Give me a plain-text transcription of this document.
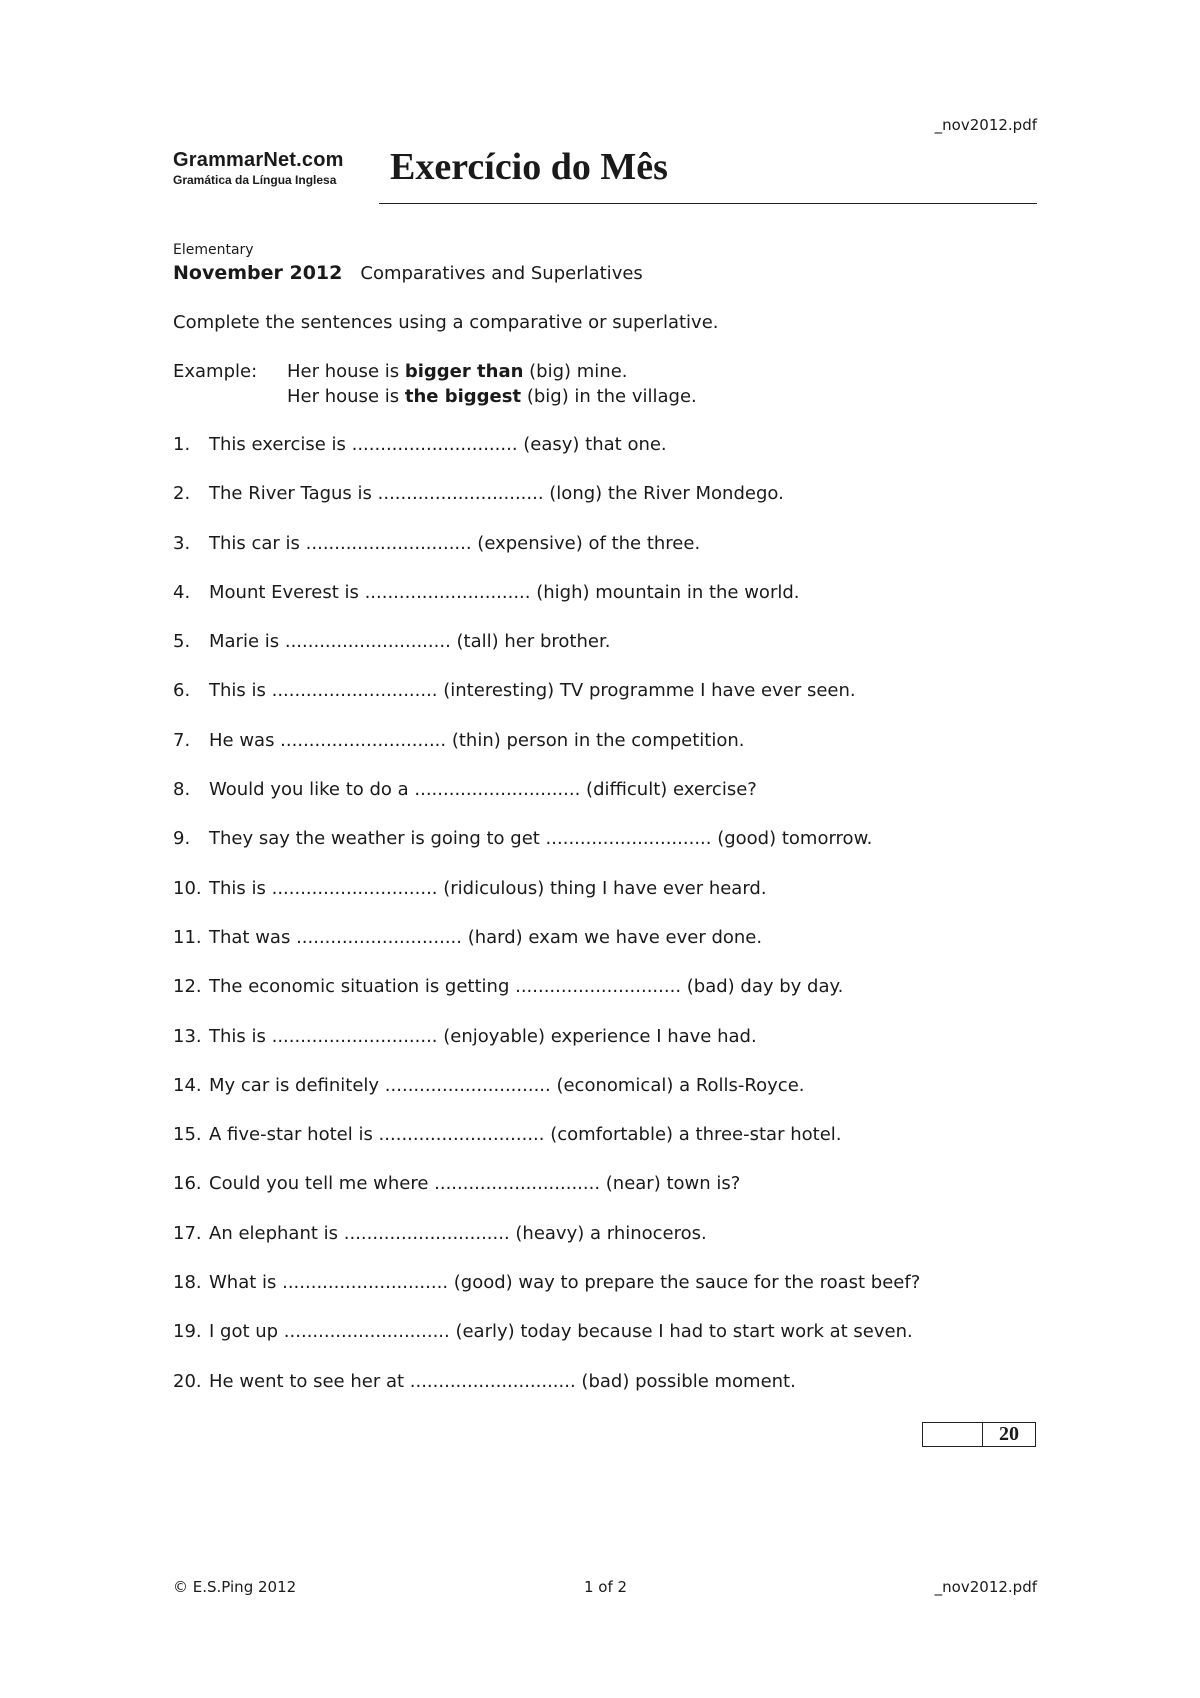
_nov2012.pdf
GrammarNet.com
Gramática da Língua Inglesa Exercício do Mês
Elementary
November 2012 Comparatives and Superlatives
Complete the sentences using a comparative or superlative.
Example: Her house is bigger than (big) mine.
Her house is the biggest (big) in the village.
1. This exercise is ............................. (easy) that one.
2. The River Tagus is ............................. (long) the River Mondego.
3. This car is ............................. (expensive) of the three.
4. Mount Everest is ............................. (high) mountain in the world.
5. Marie is ............................. (tall) her brother.
6. This is ............................. (interesting) TV programme I have ever seen.
7. He was ............................. (thin) person in the competition.
8. Would you like to do a ............................. (difficult) exercise?
9. They say the weather is going to get ............................. (good) tomorrow.
10. This is ............................. (ridiculous) thing I have ever heard.
11. That was ............................. (hard) exam we have ever done.
12. The economic situation is getting ............................. (bad) day by day.
13. This is ............................. (enjoyable) experience I have had.
14. My car is definitely ............................. (economical) a Rolls-Royce.
15. A five-star hotel is ............................. (comfortable) a three-star hotel.
16. Could you tell me where ............................. (near) town is?
17. An elephant is ............................. (heavy) a rhinoceros.
18. What is ............................. (good) way to prepare the sauce for the roast beef?
19. I got up ............................. (early) today because I had to start work at seven.
20. He went to see her at ............................. (bad) possible moment.
20
© E.S.Ping 2012	1 of 2	_nov2012.pdf
